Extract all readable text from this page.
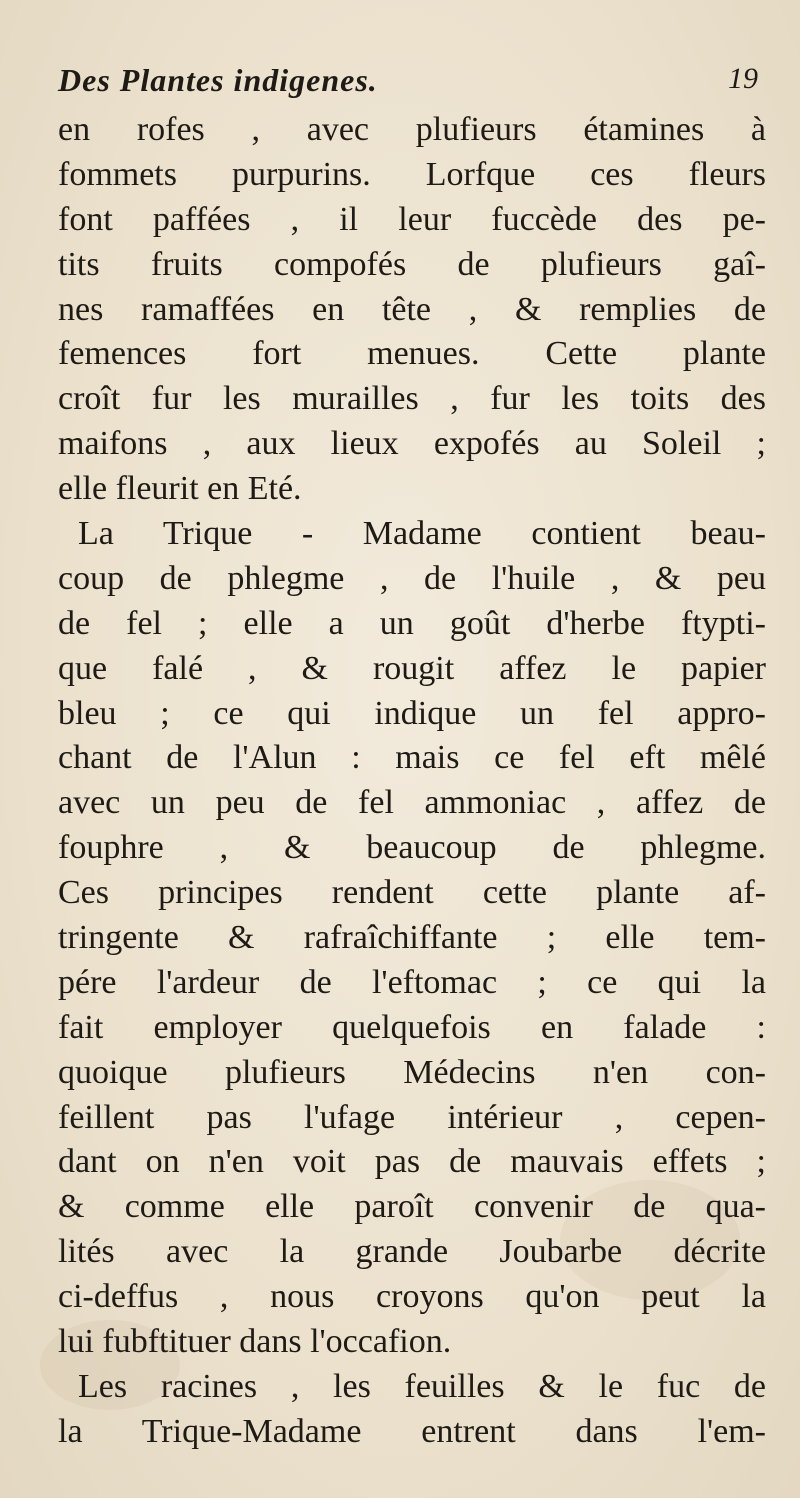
Des Plantes indigenes.	19
en rofes , avec plufieurs étamines à
fommets purpurins. Lorfque ces fleurs
font paffées , il leur fuccède des pe-
tits fruits compofés de plufieurs gaî-
nes ramaffées en tête , & remplies de
femences fort menues. Cette plante
croît fur les murailles , fur les toits des
maifons , aux lieux expofés au Soleil ;
elle fleurit en Eté.
La Trique - Madame contient beau-
coup de phlegme , de l'huile , & peu
de fel ; elle a un goût d'herbe ftypti-
que falé , & rougit affez le papier
bleu ; ce qui indique un fel appro-
chant de l'Alun : mais ce fel eft mêlé
avec un peu de fel ammoniac , affez de
fouphre , & beaucoup de phlegme.
Ces principes rendent cette plante af-
tringente & rafraîchiffante ; elle tem-
pére l'ardeur de l'eftomac ; ce qui la
fait employer quelquefois en falade :
quoique plufieurs Médecins n'en con-
feillent pas l'ufage intérieur , cepen-
dant on n'en voit pas de mauvais effets ;
& comme elle paroît convenir de qua-
lités avec la grande Joubarbe décrite
ci-deffus , nous croyons qu'on peut la
lui fubftituer dans l'occafion.
Les racines , les feuilles & le fuc de
la Trique-Madame entrent dans l'em-
